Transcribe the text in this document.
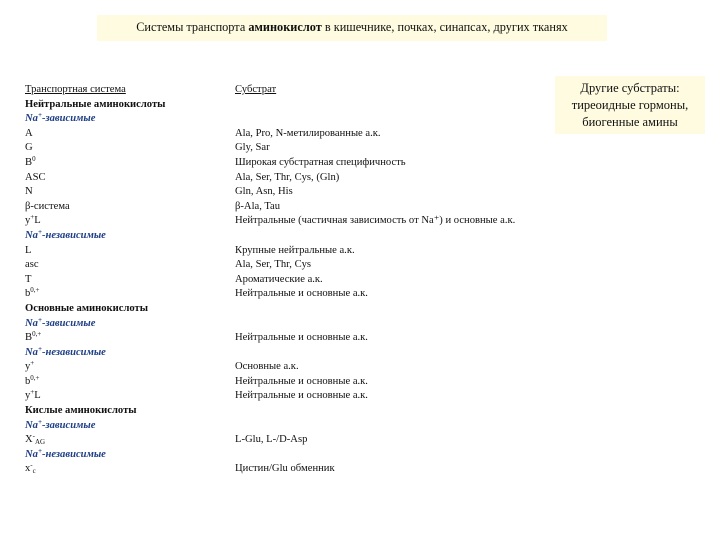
Системы транспорта аминокислот в кишечнике, почках, синапсах, других тканях
Другие субстраты:
тиреоидные гормоны,
биогенные амины
Транспортная система
Нейтральные аминокислоты
Na+-зависимые
A
G
$B^0$
ASC
N
β-система
y+L
Na+-независимые
L
asc
T
$b^{0,+}$
Основные аминокислоты
Na+-зависимые
$B^{0,+}$
Na+-независимые
y+
$b^{0,+}$
y+L
Кислые аминокислоты
Na+-зависимые
X-AG
Na+-независимые
x-c
Субстрат
Ala, Pro, N-метилированные а.к.
Gly, Sar
Широкая субстратная специфичность
Ala, Ser, Thr, Cys, (Gln)
Gln, Asn, His
β-Ala, Tau
Нейтральные (частичная зависимость от Na⁺) и основные а.к.
Крупные нейтральные а.к.
Ala, Ser, Thr, Cys
Ароматические а.к.
Нейтральные и основные а.к.
Нейтральные и основные а.к.
Основные а.к.
Нейтральные и основные а.к.
Нейтральные и основные а.к.
L-Glu, L-/D-Asp
Цистин/Glu обменник
